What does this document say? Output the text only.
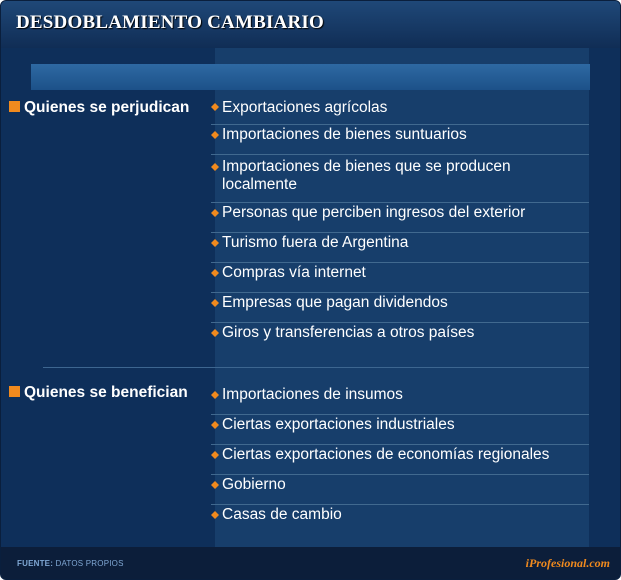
DESDOBLAMIENTO CAMBIARIO
Quienes se perjudican Exportaciones agrícolas
Importaciones de bienes suntuarios
Importaciones de bienes que se producen localmente
Personas que perciben ingresos del exterior
Turismo fuera de Argentina
Compras vía internet
Empresas que pagan dividendos
Giros y transferencias a otros países
Quienes se benefician Importaciones de insumos
Ciertas exportaciones industriales
Ciertas exportaciones de economías regionales
Gobierno
Casas de cambio
FUENTE: DATOS PROPIOS	iProfesional.com
